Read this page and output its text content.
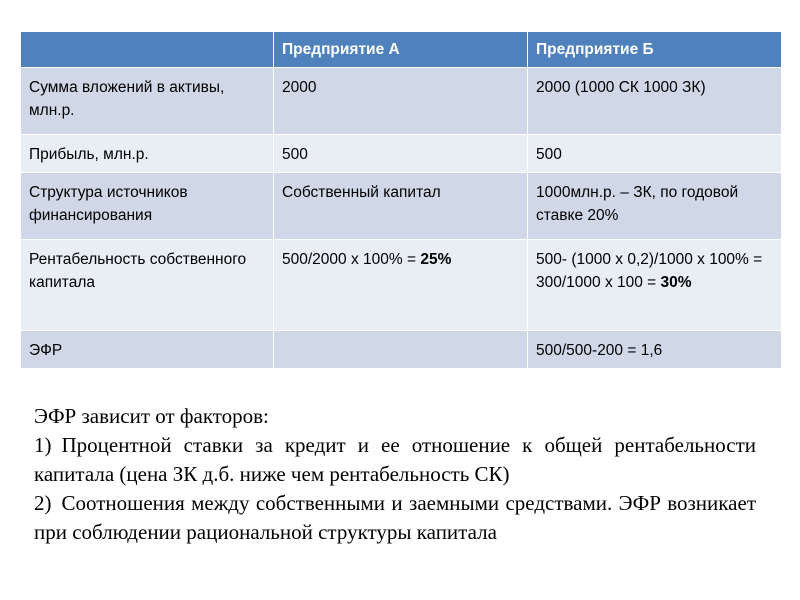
	Предприятие А	Предприятие Б
Сумма вложений в активы, млн.р.	2000	2000 (1000 СК 1000 ЗК)
Прибыль, млн.р.	500	500
Структура источников финансирования	Собственный капитал	1000млн.р. – ЗК, по годовой ставке 20%
Рентабельность собственного капитала	500/2000 х 100% = 25%	500- (1000 х 0,2)/1000 х 100% = 300/1000 х 100 = 30%
ЭФР		500/500-200 = 1,6

ЭФР зависит от факторов:

1) Процентной ставки за кредит и ее отношение к общей рентабельности капитала (цена ЗК д.б. ниже чем рентабельность СК)

2) Соотношения между собственными и заемными средствами. ЭФР возникает при соблюдении рациональной структуры капитала
